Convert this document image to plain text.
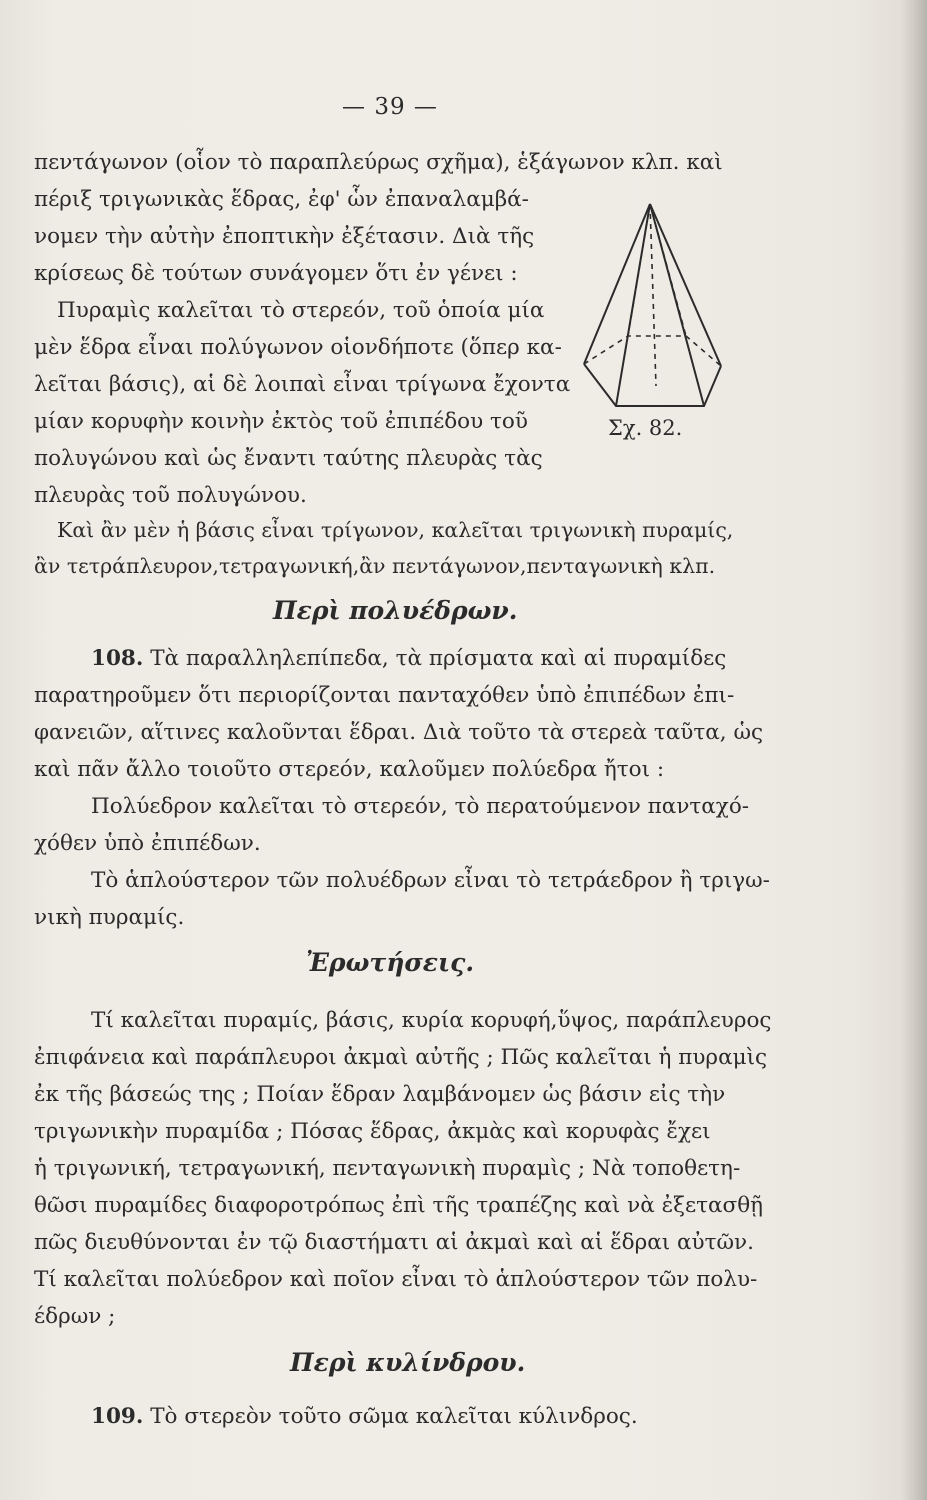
— 39 —
πεντάγωνον (οἷον τὸ παραπλεύρως σχῆμα), ἑξάγωνον κλπ. καὶ
πέριξ τριγωνικὰς ἕδρας, ἐφ' ὧν ἐπαναλαμβά-
νομεν τὴν αὐτὴν ἐποπτικὴν ἐξέτασιν. Διὰ τῆς
κρίσεως δὲ τούτων συνάγομεν ὅτι ἐν γένει :
Πυραμὶς καλεῖται τὸ στερεόν, τοῦ ὁποία μία
μὲν ἕδρα εἶναι πολύγωνον οἱονδήποτε (ὅπερ κα-
λεῖται βάσις), αἱ δὲ λοιπαὶ εἶναι τρίγωνα ἔχοντα
μίαν κορυφὴν κοινὴν ἐκτὸς τοῦ ἐπιπέδου τοῦ
πολυγώνου καὶ ὡς ἔναντι ταύτης πλευρὰς τὰς
πλευρὰς τοῦ πολυγώνου.
Καὶ ἂν μὲν ἡ βάσις εἶναι τρίγωνον, καλεῖται τριγωνικὴ πυραμίς,
ἂν τετράπλευρον,τετραγωνική,ἂν πεντάγωνον,πενταγωνικὴ κλπ.
Σχ. 82.
Περὶ πολυέδρων.
108. Τὰ παραλληλεπίπεδα, τὰ πρίσματα καὶ αἱ πυραμίδες
παρατηροῦμεν ὅτι περιορίζονται πανταχόθεν ὑπὸ ἐπιπέδων ἐπι-
φανειῶν, αἵτινες καλοῦνται ἕδραι. Διὰ τοῦτο τὰ στερεὰ ταῦτα, ὡς
καὶ πᾶν ἄλλο τοιοῦτο στερεόν, καλοῦμεν πολύεδρα ἤτοι :
Πολύεδρον καλεῖται τὸ στερεόν, τὸ περατούμενον πανταχό-
χόθεν ὑπὸ ἐπιπέδων.
Τὸ ἁπλούστερον τῶν πολυέδρων εἶναι τὸ τετράεδρον ἢ τριγω-
νικὴ πυραμίς.
Ἐρωτήσεις.
Τί καλεῖται πυραμίς, βάσις, κυρία κορυφή,ὕψος, παράπλευρος
ἐπιφάνεια καὶ παράπλευροι ἀκμαὶ αὐτῆς ; Πῶς καλεῖται ἡ πυραμὶς
ἐκ τῆς βάσεώς της ; Ποίαν ἕδραν λαμβάνομεν ὡς βάσιν εἰς τὴν
τριγωνικὴν πυραμίδα ; Πόσας ἕδρας, ἀκμὰς καὶ κορυφὰς ἔχει
ἡ τριγωνική, τετραγωνική, πενταγωνικὴ πυραμὶς ; Νὰ τοποθετη-
θῶσι πυραμίδες διαφοροτρόπως ἐπὶ τῆς τραπέζης καὶ νὰ ἐξετασθῇ
πῶς διευθύνονται ἐν τῷ διαστήματι αἱ ἀκμαὶ καὶ αἱ ἕδραι αὐτῶν.
Τί καλεῖται πολύεδρον καὶ ποῖον εἶναι τὸ ἁπλούστερον τῶν πολυ-
έδρων ;
Περὶ κυλίνδρου.
109. Τὸ στερεὸν τοῦτο σῶμα καλεῖται κύλινδρος.
